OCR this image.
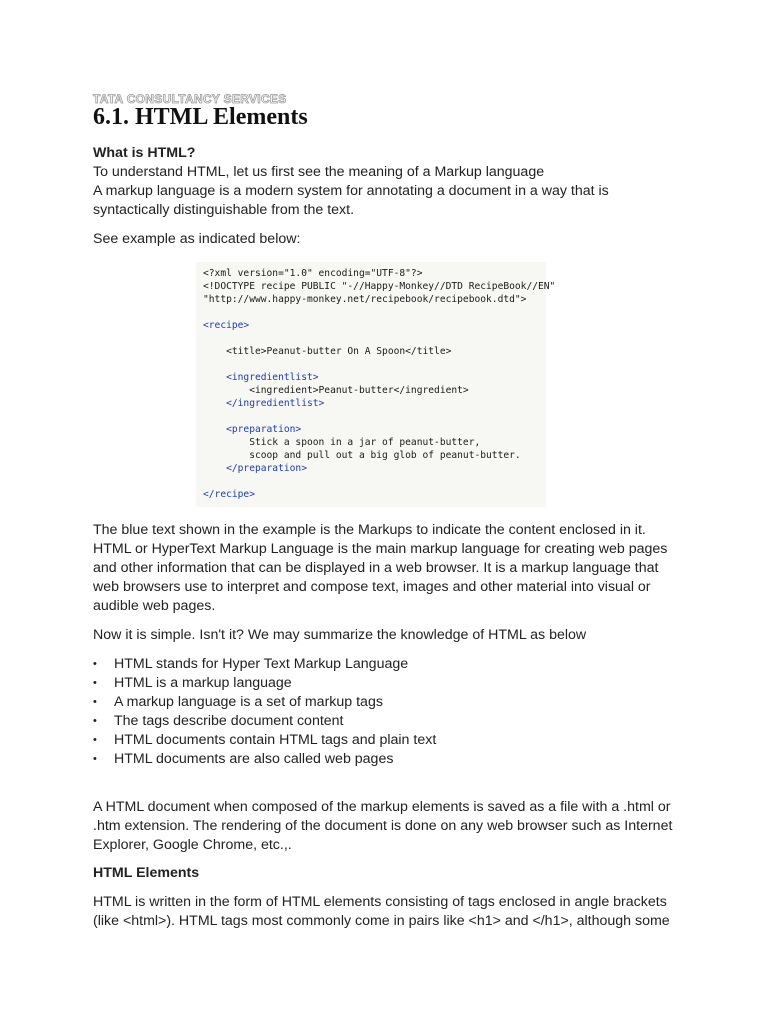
TATA CONSULTANCY SERVICES
6.1. HTML Elements

What is HTML?

To understand HTML, let us first see the meaning of a Markup language

A markup language is a modern system for annotating a document in a way that is

syntactically distinguishable from the text.

See example as indicated below:

<?xml version="1.0" encoding="UTF-8"?>
<!DOCTYPE recipe PUBLIC "-//Happy-Monkey//DTD RecipeBook//EN"
"http://www.happy-monkey.net/recipebook/recipebook.dtd">
<recipe>
<title>Peanut-butter On A Spoon</title>
<ingredientlist>
<ingredient>Peanut-butter</ingredient>
</ingredientlist>
<preparation>
Stick a spoon in a jar of peanut-butter,
scoop and pull out a big glob of peanut-butter.
</preparation>
</recipe>

The blue text shown in the example is the Markups to indicate the content enclosed in it.

HTML or HyperText Markup Language is the main markup language for creating web pages

and other information that can be displayed in a web browser. It is a markup language that

web browsers use to interpret and compose text, images and other material into visual or

audible web pages.

Now it is simple. Isn't it? We may summarize the knowledge of HTML as below

•	HTML stands for Hyper Text Markup Language
•	HTML is a markup language
•	A markup language is a set of markup tags
•	The tags describe document content
•	HTML documents contain HTML tags and plain text
•	HTML documents are also called web pages

A HTML document when composed of the markup elements is saved as a file with a .html or

.htm extension. The rendering of the document is done on any web browser such as Internet

Explorer, Google Chrome, etc.,.

HTML Elements

HTML is written in the form of HTML elements consisting of tags enclosed in angle brackets

(like <html>). HTML tags most commonly come in pairs like <h1> and </h1>, although some
